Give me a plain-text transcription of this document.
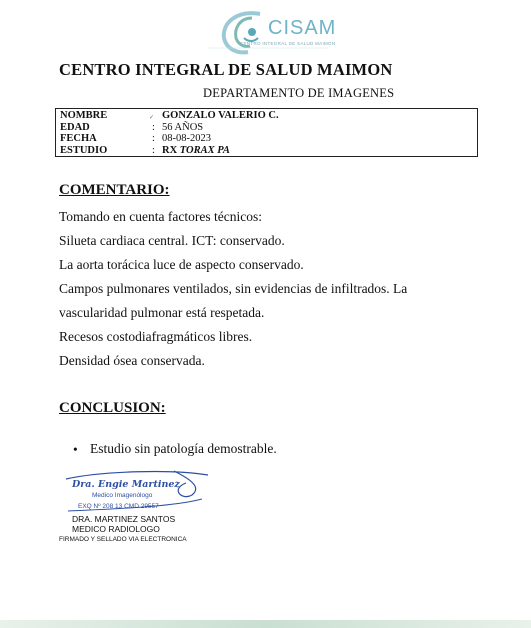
CISAM
CENTRO INTEGRAL DE SALUD MAIMON
CENTRO INTEGRAL DE SALUD MAIMON
DEPARTAMENTO DE IMAGENES
✓
NOMBRE	GONZALO VALERIO C.
EDAD	: 56 AÑOS
FECHA	: 08-08-2023
ESTUDIO	: RX TORAX PA
COMENTARIO:
Tomando en cuenta factores técnicos:
Silueta cardiaca central. ICT: conservado.
La aorta torácica luce de aspecto conservado.
Campos pulmonares ventilados, sin evidencias de infiltrados. La
vascularidad pulmonar está respetada.
Recesos costodiafragmáticos libres.
Densidad ósea conservada.
CONCLUSION:
• Estudio sin patología demostrable.
Dra. Engie Martinez
Medico Imagenólogo
EXQ Nº 208 13 CMD 29557
DRA. MARTINEZ SANTOS
MEDICO RADIOLOGO
FIRMADO Y SELLADO VIA ELECTRONICA
